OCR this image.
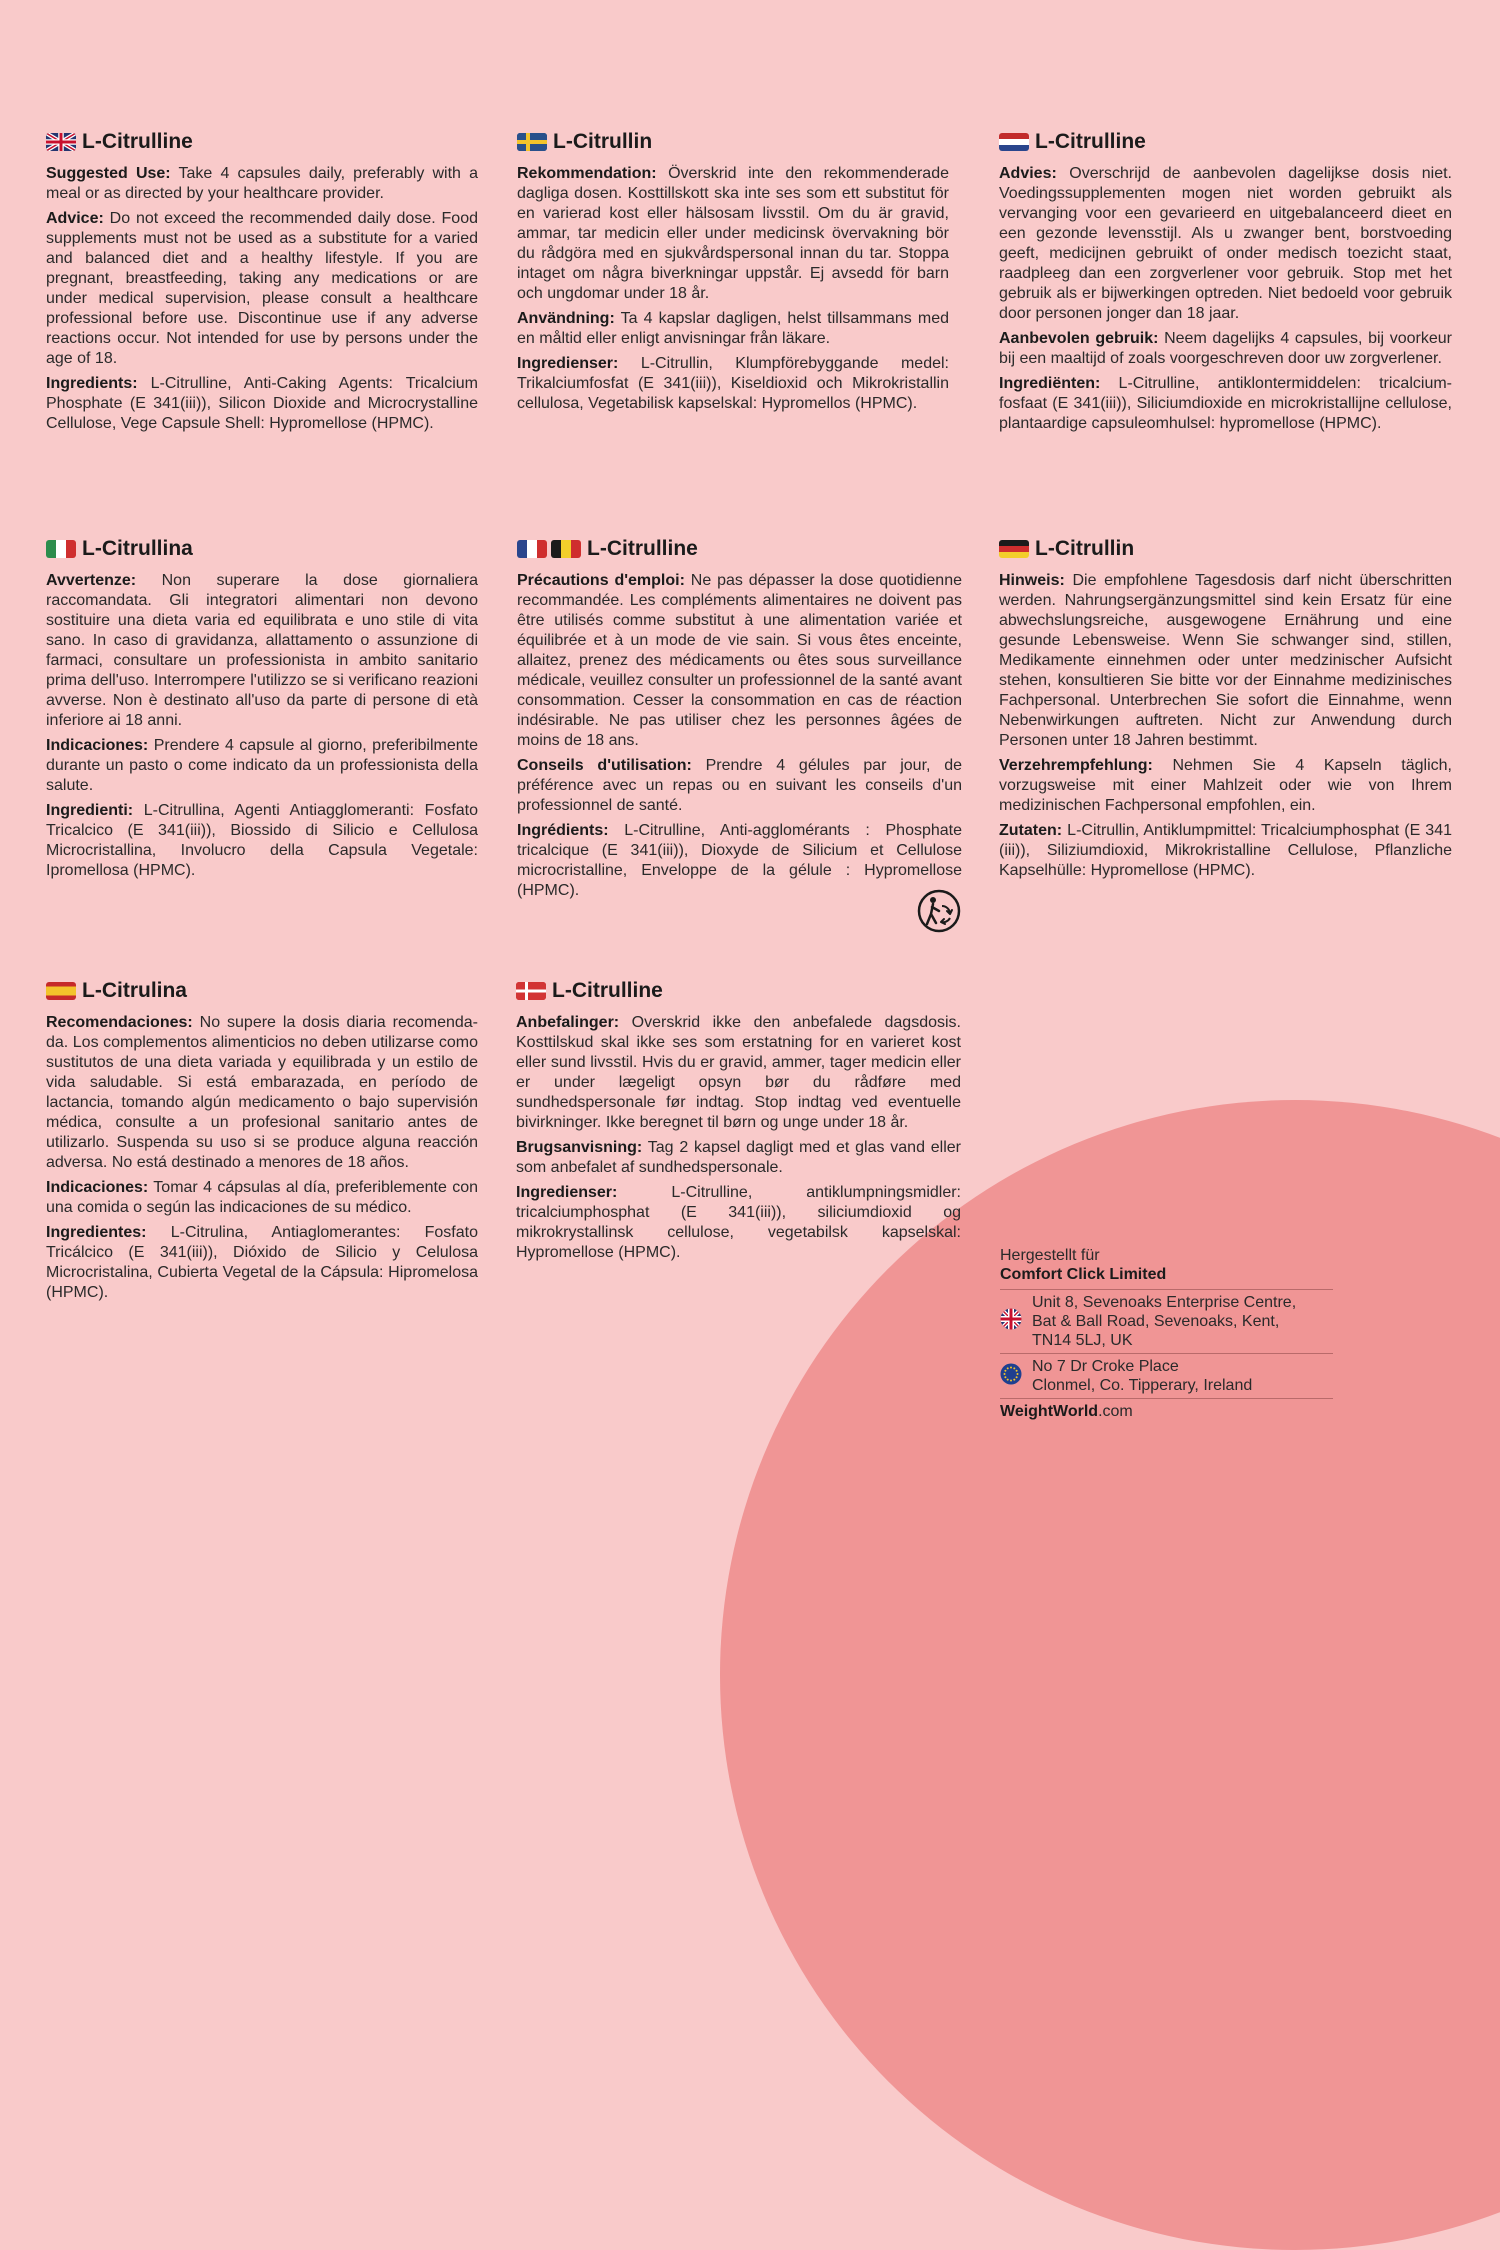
L-Citrulline

Suggested Use: Take 4 capsules daily, preferably with a meal or as directed by your healthcare provider.

Advice: Do not exceed the recommended daily dose. Food supplements must not be used as a substitute for a varied and balanced diet and a healthy lifestyle. If you are pregnant, breastfeeding, taking any medications or are under medical supervision, please consult a healthcare professional before use. Discontinue use if any adverse reactions occur. Not intended for use by persons under the age of 18.

Ingredients: L-Citrulline, Anti-Caking Agents: Tricalcium Phosphate (E 341(iii)), Silicon Dioxide and Microcrystalline Cellulose, Vege Capsule Shell: Hypromellose (HPMC).

L-Citrullin

Rekommendation: Överskrid inte den rekommenderade dagliga dosen. Kosttillskott ska inte ses som ett substitut för en varierad kost eller hälsosam livsstil. Om du är gravid, ammar, tar medicin eller under medicinsk övervakning bör du rådgöra med en sjukvårdspersonal innan du tar. Stoppa intaget om några biverkningar uppstår. Ej avsedd för barn och ungdomar under 18 år.

Användning: Ta 4 kapslar dagligen, helst tillsammans med en måltid eller enligt anvisningar från läkare.

Ingredienser: L-Citrullin, Klumpförebyggande medel: Trikalciumfosfat (E 341(iii)), Kiseldioxid och Mikrokristallin cellulosa, Vegetabilisk kapselskal: Hypromellos (HPMC).

L-Citrulline

Advies: Overschrijd de aanbevolen dagelijkse dosis niet. Voedingssupplementen mogen niet worden gebruikt als vervanging voor een gevarieerd en uitgebalanceerd dieet en een gezonde levensstijl. Als u zwanger bent, borstvoeding geeft, medicijnen gebruikt of onder medisch toezicht staat, raadpleeg dan een zorgverlener voor gebruik. Stop met het gebruik als er bijwerkingen optreden. Niet bedoeld voor gebruik door personen jonger dan 18 jaar.

Aanbevolen gebruik: Neem dagelijks 4 capsules, bij voorkeur bij een maaltijd of zoals voorgeschreven door uw zorgverlener.

Ingrediënten: L-Citrulline, antiklontermiddelen: tricalcium-fosfaat (E 341(iii)), Siliciumdioxide en microkristallijne cellulose, plantaardige capsuleomhulsel: hypromellose (HPMC).

L-Citrullina

Avvertenze: Non superare la dose giornaliera raccomandata. Gli integratori alimentari non devono sostituire una dieta varia ed equilibrata e uno stile di vita sano. In caso di gravidanza, allattamento o assunzione di farmaci, consultare un professionista in ambito sanitario prima dell'uso. Interrompere l'utilizzo se si verificano reazioni avverse. Non è destinato all'uso da parte di persone di età inferiore ai 18 anni.

Indicaciones: Prendere 4 capsule al giorno, preferibilmente durante un pasto o come indicato da un professionista della salute.

Ingredienti: L-Citrullina, Agenti Antiagglomeranti: Fosfato Tricalcico (E 341(iii)), Biossido di Silicio e Cellulosa Microcristallina, Involucro della Capsula Vegetale: Ipromellosa (HPMC).

L-Citrulline

Précautions d'emploi: Ne pas dépasser la dose quotidienne recommandée. Les compléments alimentaires ne doivent pas être utilisés comme substitut à une alimentation variée et équilibrée et à un mode de vie sain. Si vous êtes enceinte, allaitez, prenez des médicaments ou êtes sous surveillance médicale, veuillez consulter un professionnel de la santé avant consommation. Cesser la consommation en cas de réaction indésirable. Ne pas utiliser chez les personnes âgées de moins de 18 ans.

Conseils d'utilisation: Prendre 4 gélules par jour, de préférence avec un repas ou en suivant les conseils d'un professionnel de santé.

Ingrédients: L-Citrulline, Anti-agglomérants : Phosphate tricalcique (E 341(iii)), Dioxyde de Silicium et Cellulose microcristalline, Enveloppe de la gélule : Hypromellose (HPMC).

L-Citrullin

Hinweis: Die empfohlene Tagesdosis darf nicht überschritten werden. Nahrungsergänzungsmittel sind kein Ersatz für eine abwechslungsreiche, ausgewogene Ernährung und eine gesunde Lebensweise. Wenn Sie schwanger sind, stillen, Medikamente einnehmen oder unter medzinischer Aufsicht stehen, konsultieren Sie bitte vor der Einnahme medizinisches Fachpersonal. Unterbrechen Sie sofort die Einnahme, wenn Nebenwirkungen auftreten. Nicht zur Anwendung durch Personen unter 18 Jahren bestimmt.

Verzehrempfehlung: Nehmen Sie 4 Kapseln täglich, vorzugsweise mit einer Mahlzeit oder wie von Ihrem medizinischen Fachpersonal empfohlen, ein.

Zutaten: L-Citrullin, Antiklumpmittel: Tricalciumphosphat (E 341 (iii)), Siliziumdioxid, Mikrokristalline Cellulose, Pflanzliche Kapselhülle: Hypromellose (HPMC).

L-Citrulina

Recomendaciones: No supere la dosis diaria recomenda-da. Los complementos alimenticios no deben utilizarse como sustitutos de una dieta variada y equilibrada y un estilo de vida saludable. Si está embarazada, en período de lactancia, tomando algún medicamento o bajo supervisión médica, consulte a un profesional sanitario antes de utilizarlo. Suspenda su uso si se produce alguna reacción adversa. No está destinado a menores de 18 años.

Indicaciones: Tomar 4 cápsulas al día, preferiblemente con una comida o según las indicaciones de su médico.

Ingredientes: L-Citrulina, Antiaglomerantes: Fosfato Tricálcico (E 341(iii)), Dióxido de Silicio y Celulosa Microcristalina, Cubierta Vegetal de la Cápsula: Hipromelosa (HPMC).

L-Citrulline

Anbefalinger: Overskrid ikke den anbefalede dagsdosis. Kosttilskud skal ikke ses som erstatning for en varieret kost eller sund livsstil. Hvis du er gravid, ammer, tager medicin eller er under lægeligt opsyn bør du rådføre med sundhedspersonale før indtag. Stop indtag ved eventuelle bivirkninger. Ikke beregnet til børn og unge under 18 år.

Brugsanvisning: Tag 2 kapsel dagligt med et glas vand eller som anbefalet af sundhedspersonale.

Ingredienser: L-Citrulline, antiklumpningsmidler: tricalciumphosphat (E 341(iii)), siliciumdioxid og mikrokrystallinsk cellulose, vegetabilsk kapselskal: Hypromellose (HPMC).	Hergestellt für
Comfort Click Limited
Unit 8, Sevenoaks Enterprise Centre,
Bat & Ball Road, Sevenoaks, Kent,
TN14 5LJ, UK
No 7 Dr Croke Place
Clonmel, Co. Tipperary, Ireland
WeightWorld.com
